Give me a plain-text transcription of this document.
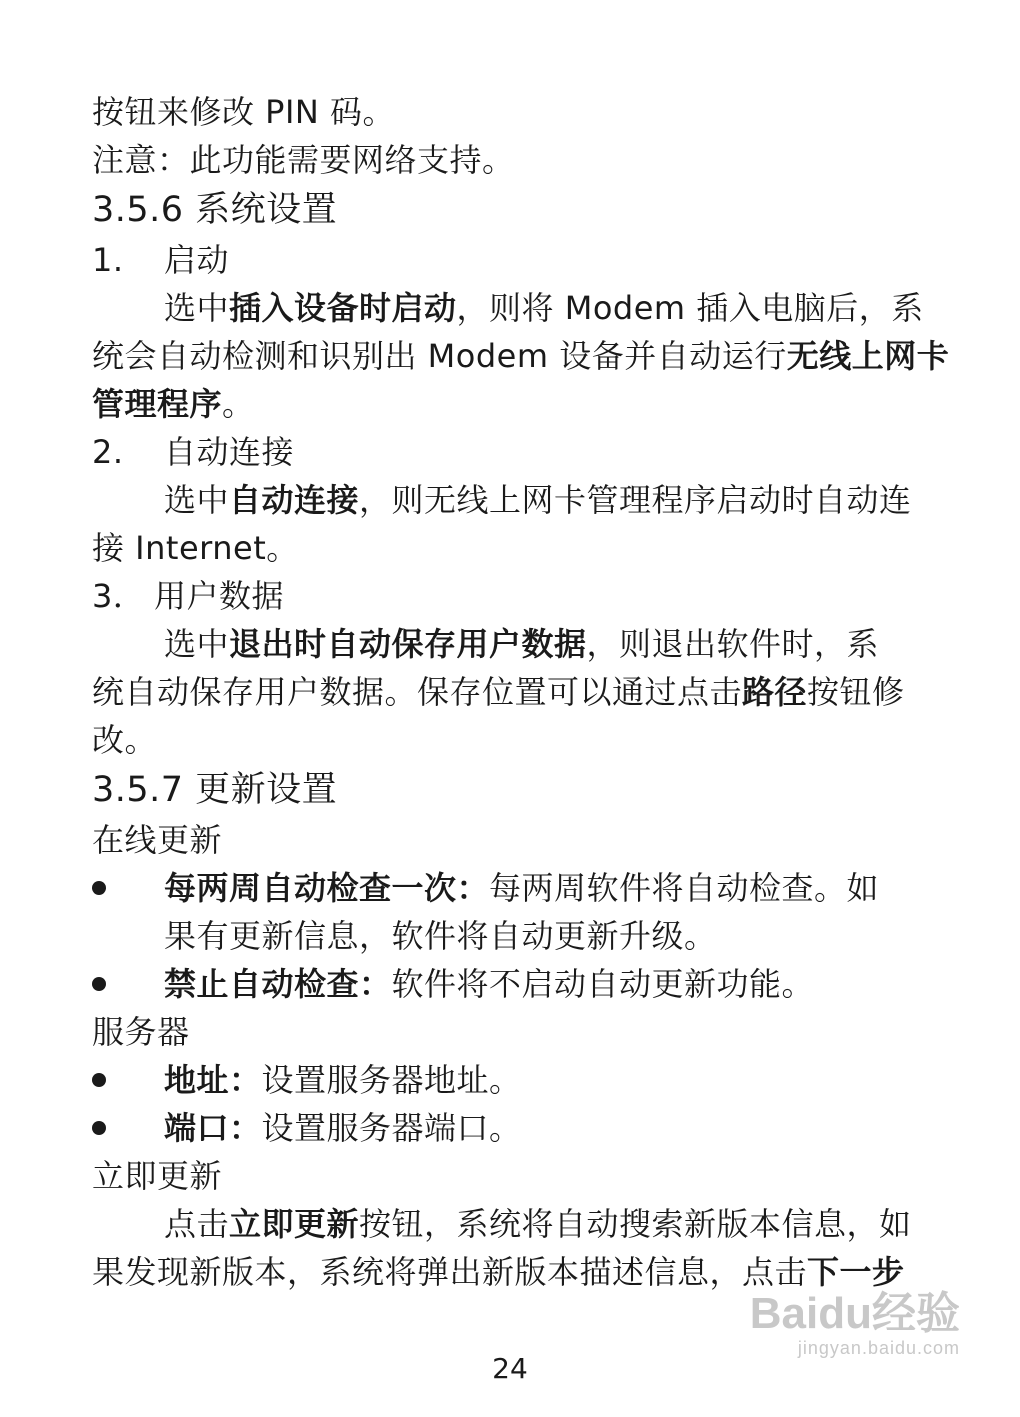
按钮来修改 PIN 码。
注意：此功能需要网络支持。
3.5.6 系统设置
1. 启动
选中插入设备时启动，则将 Modem 插入电脑后，系
统会自动检测和识别出 Modem 设备并自动运行无线上网卡
管理程序。
2. 自动连接
选中自动连接，则无线上网卡管理程序启动时自动连
接 Internet。
3． 用户数据
选中退出时自动保存用户数据，则退出软件时，系
统自动保存用户数据。保存位置可以通过点击路径按钮修
改。
3.5.7 更新设置
在线更新
每两周自动检查一次：每两周软件将自动检查。如
果有更新信息，软件将自动更新升级。
禁止自动检查：软件将不启动自动更新功能。
服务器
地址：设置服务器地址。
端口：设置服务器端口。
立即更新
点击立即更新按钮，系统将自动搜索新版本信息，如
果发现新版本，系统将弹出新版本描述信息，点击下一步
Baidu经验
jingyan.baidu.com
24
